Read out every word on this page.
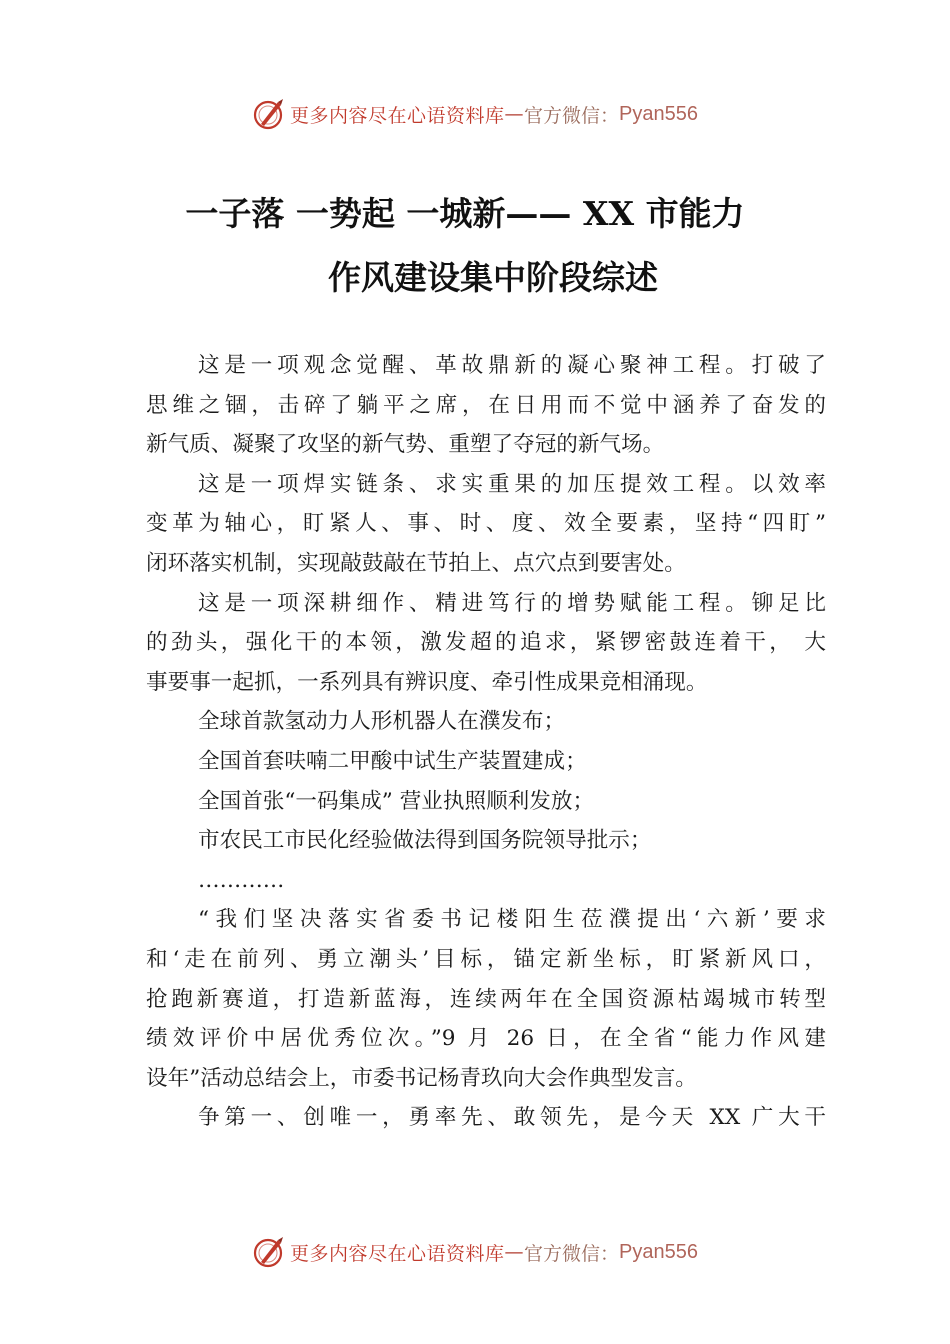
更多内容尽在心语资料库 — 官方微信： Pyan556
一子落 一势起 一城新—— XX 市能力
作风建设集中阶段综述
这是一项观念觉醒、革故鼎新的凝心聚神工程。打破了
思维之锢，击碎了躺平之席，在日用而不觉中涵养了奋发的
新气质、凝聚了攻坚的新气势、重塑了夺冠的新气场。
这是一项焊实链条、求实重果的加压提效工程。以效率
变革为轴心，盯紧人、事、时、度、效全要素，坚持“四盯”
闭环落实机制，实现敲鼓敲在节拍上、点穴点到要害处。
这是一项深耕细作、精进笃行的增势赋能工程。铆足比
的劲头，强化干的本领，激发超的追求，紧锣密鼓连着干， 大
事要事一起抓，一系列具有辨识度、牵引性成果竞相涌现。
全球首款氢动力人形机器人在濮发布；
全国首套呋喃二甲酸中试生产装置建成；
全国首张“一码集成” 营业执照顺利发放；
市农民工市民化经验做法得到国务院领导批示；
…………
“我们坚决落实省委书记楼阳生莅濮提出‘六新’要求
和‘走在前列、勇立潮头’目标，锚定新坐标，盯紧新风口，
抢跑新赛道，打造新蓝海，连续两年在全国资源枯竭城市转型
绩效评价中居优秀位次。”9 月 26 日，在全省“能力作风建
设年”活动总结会上，市委书记杨青玖向大会作典型发言。
争第一、创唯一，勇率先、敢领先，是今天 XX 广大干
更多内容尽在心语资料库 — 官方微信： Pyan556
